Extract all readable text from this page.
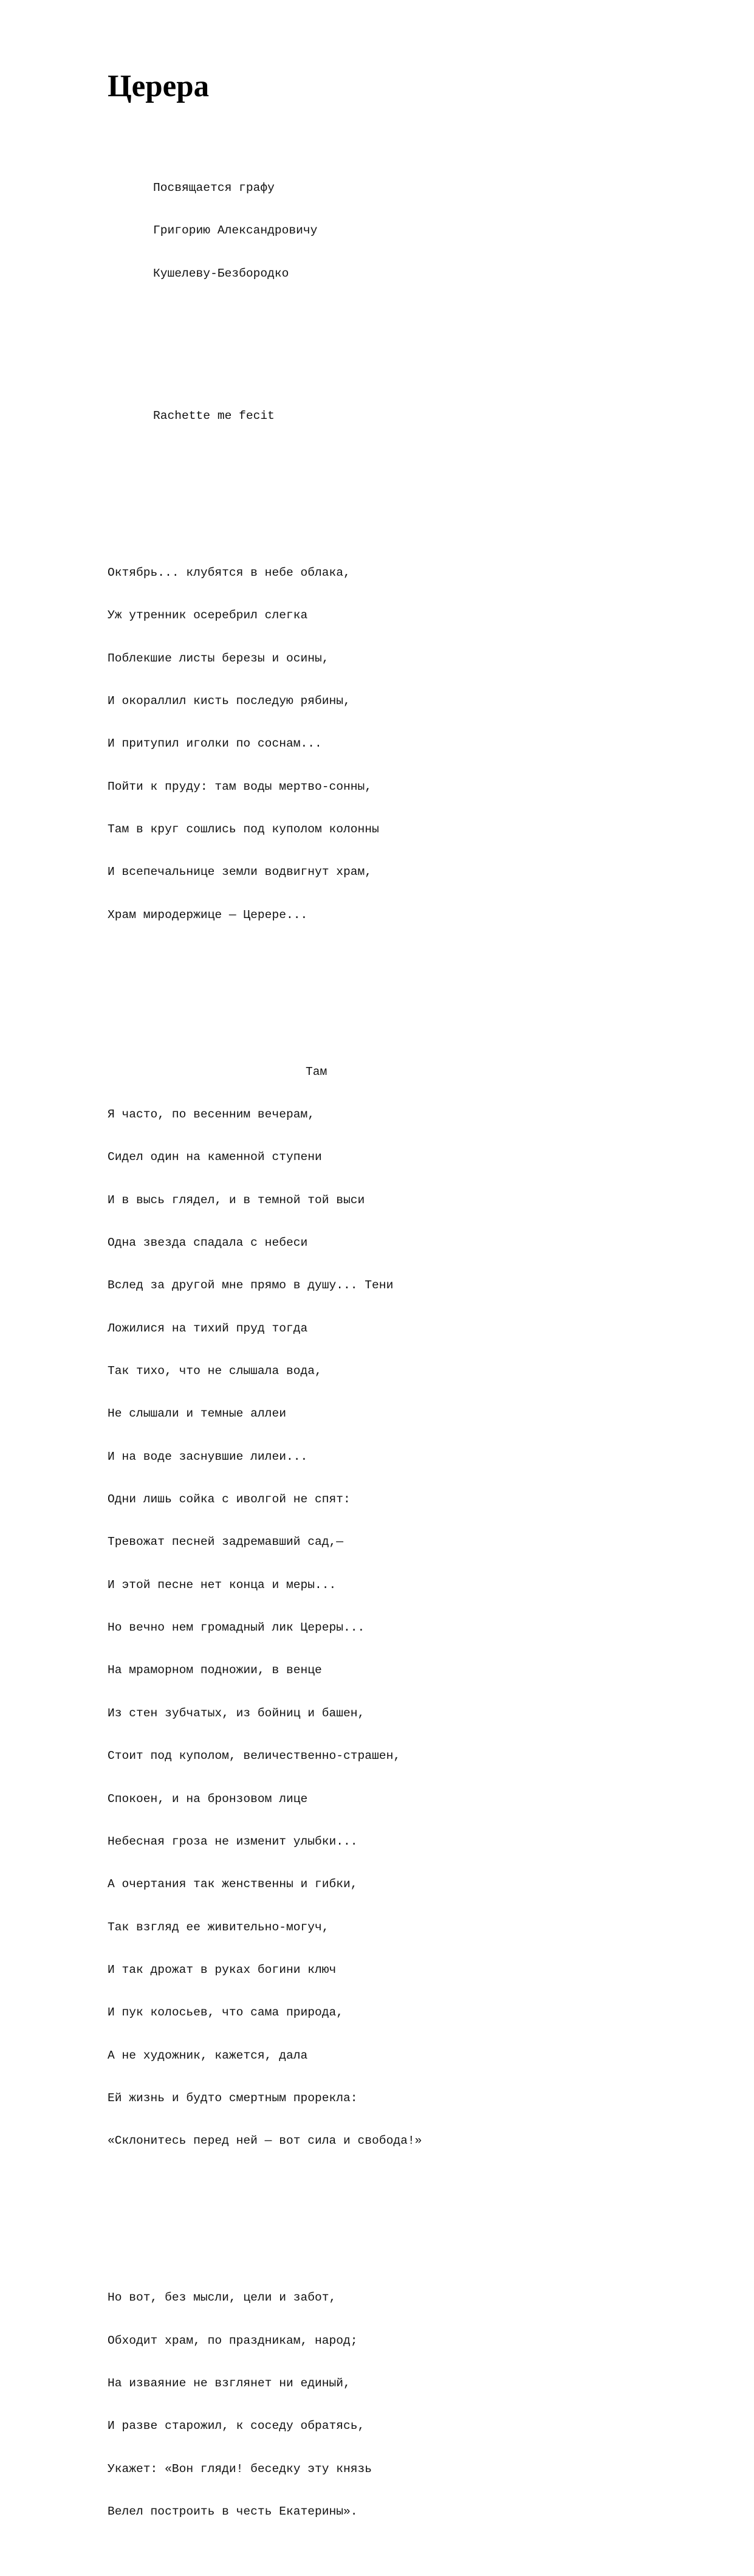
Церера

Посвящается графу

Григорию Александровичу

Кушелеву-Безбородко

Rachette me fecit

Октябрь... клубятся в небе облака,

Уж утренник осеребрил слегка

Поблекшие листы березы и осины,

И окораллил кисть последую рябины,

И притупил иголки по соснам...

Пойти к пруду: там воды мертво-сонны,

Там в круг сошлись под куполом колонны

И всепечальнице земли водвигнут храм,

Храм миродержице — Церере...

Там

Я часто, по весенним вечерам,

Сидел один на каменной ступени

И в высь глядел, и в темной той выси

Одна звезда спадала с небеси

Вслед за другой мне прямо в душу... Тени

Ложилися на тихий пруд тогда

Так тихо, что не слышала вода,

Не слышали и темные аллеи

И на воде заснувшие лилеи...

Одни лишь сойка с иволгой не спят:

Тревожат песней задремавший сад,—

И этой песне нет конца и меры...

Но вечно нем громадный лик Цереры...

На мраморном подножии, в венце

Из стен зубчатых, из бойниц и башен,

Стоит под куполом, величественно-страшен,

Спокоен, и на бронзовом лице

Небесная гроза не изменит улыбки...

А очертания так женственны и гибки,

Так взгляд ее живительно-могуч,

И так дрожат в руках богини ключ

И пук колосьев, что сама природа,

А не художник, кажется, дала

Ей жизнь и будто смертным прорекла:

«Склонитесь перед ней — вот сила и свобода!»

Но вот, без мысли, цели и забот,

Обходит храм, по праздникам, народ;

На изваяние не взглянет ни единый,

И разве старожил, к соседу обратясь,

Укажет: «Вон гляди! беседку эту князь

Велел построить в честь Екатерины».
